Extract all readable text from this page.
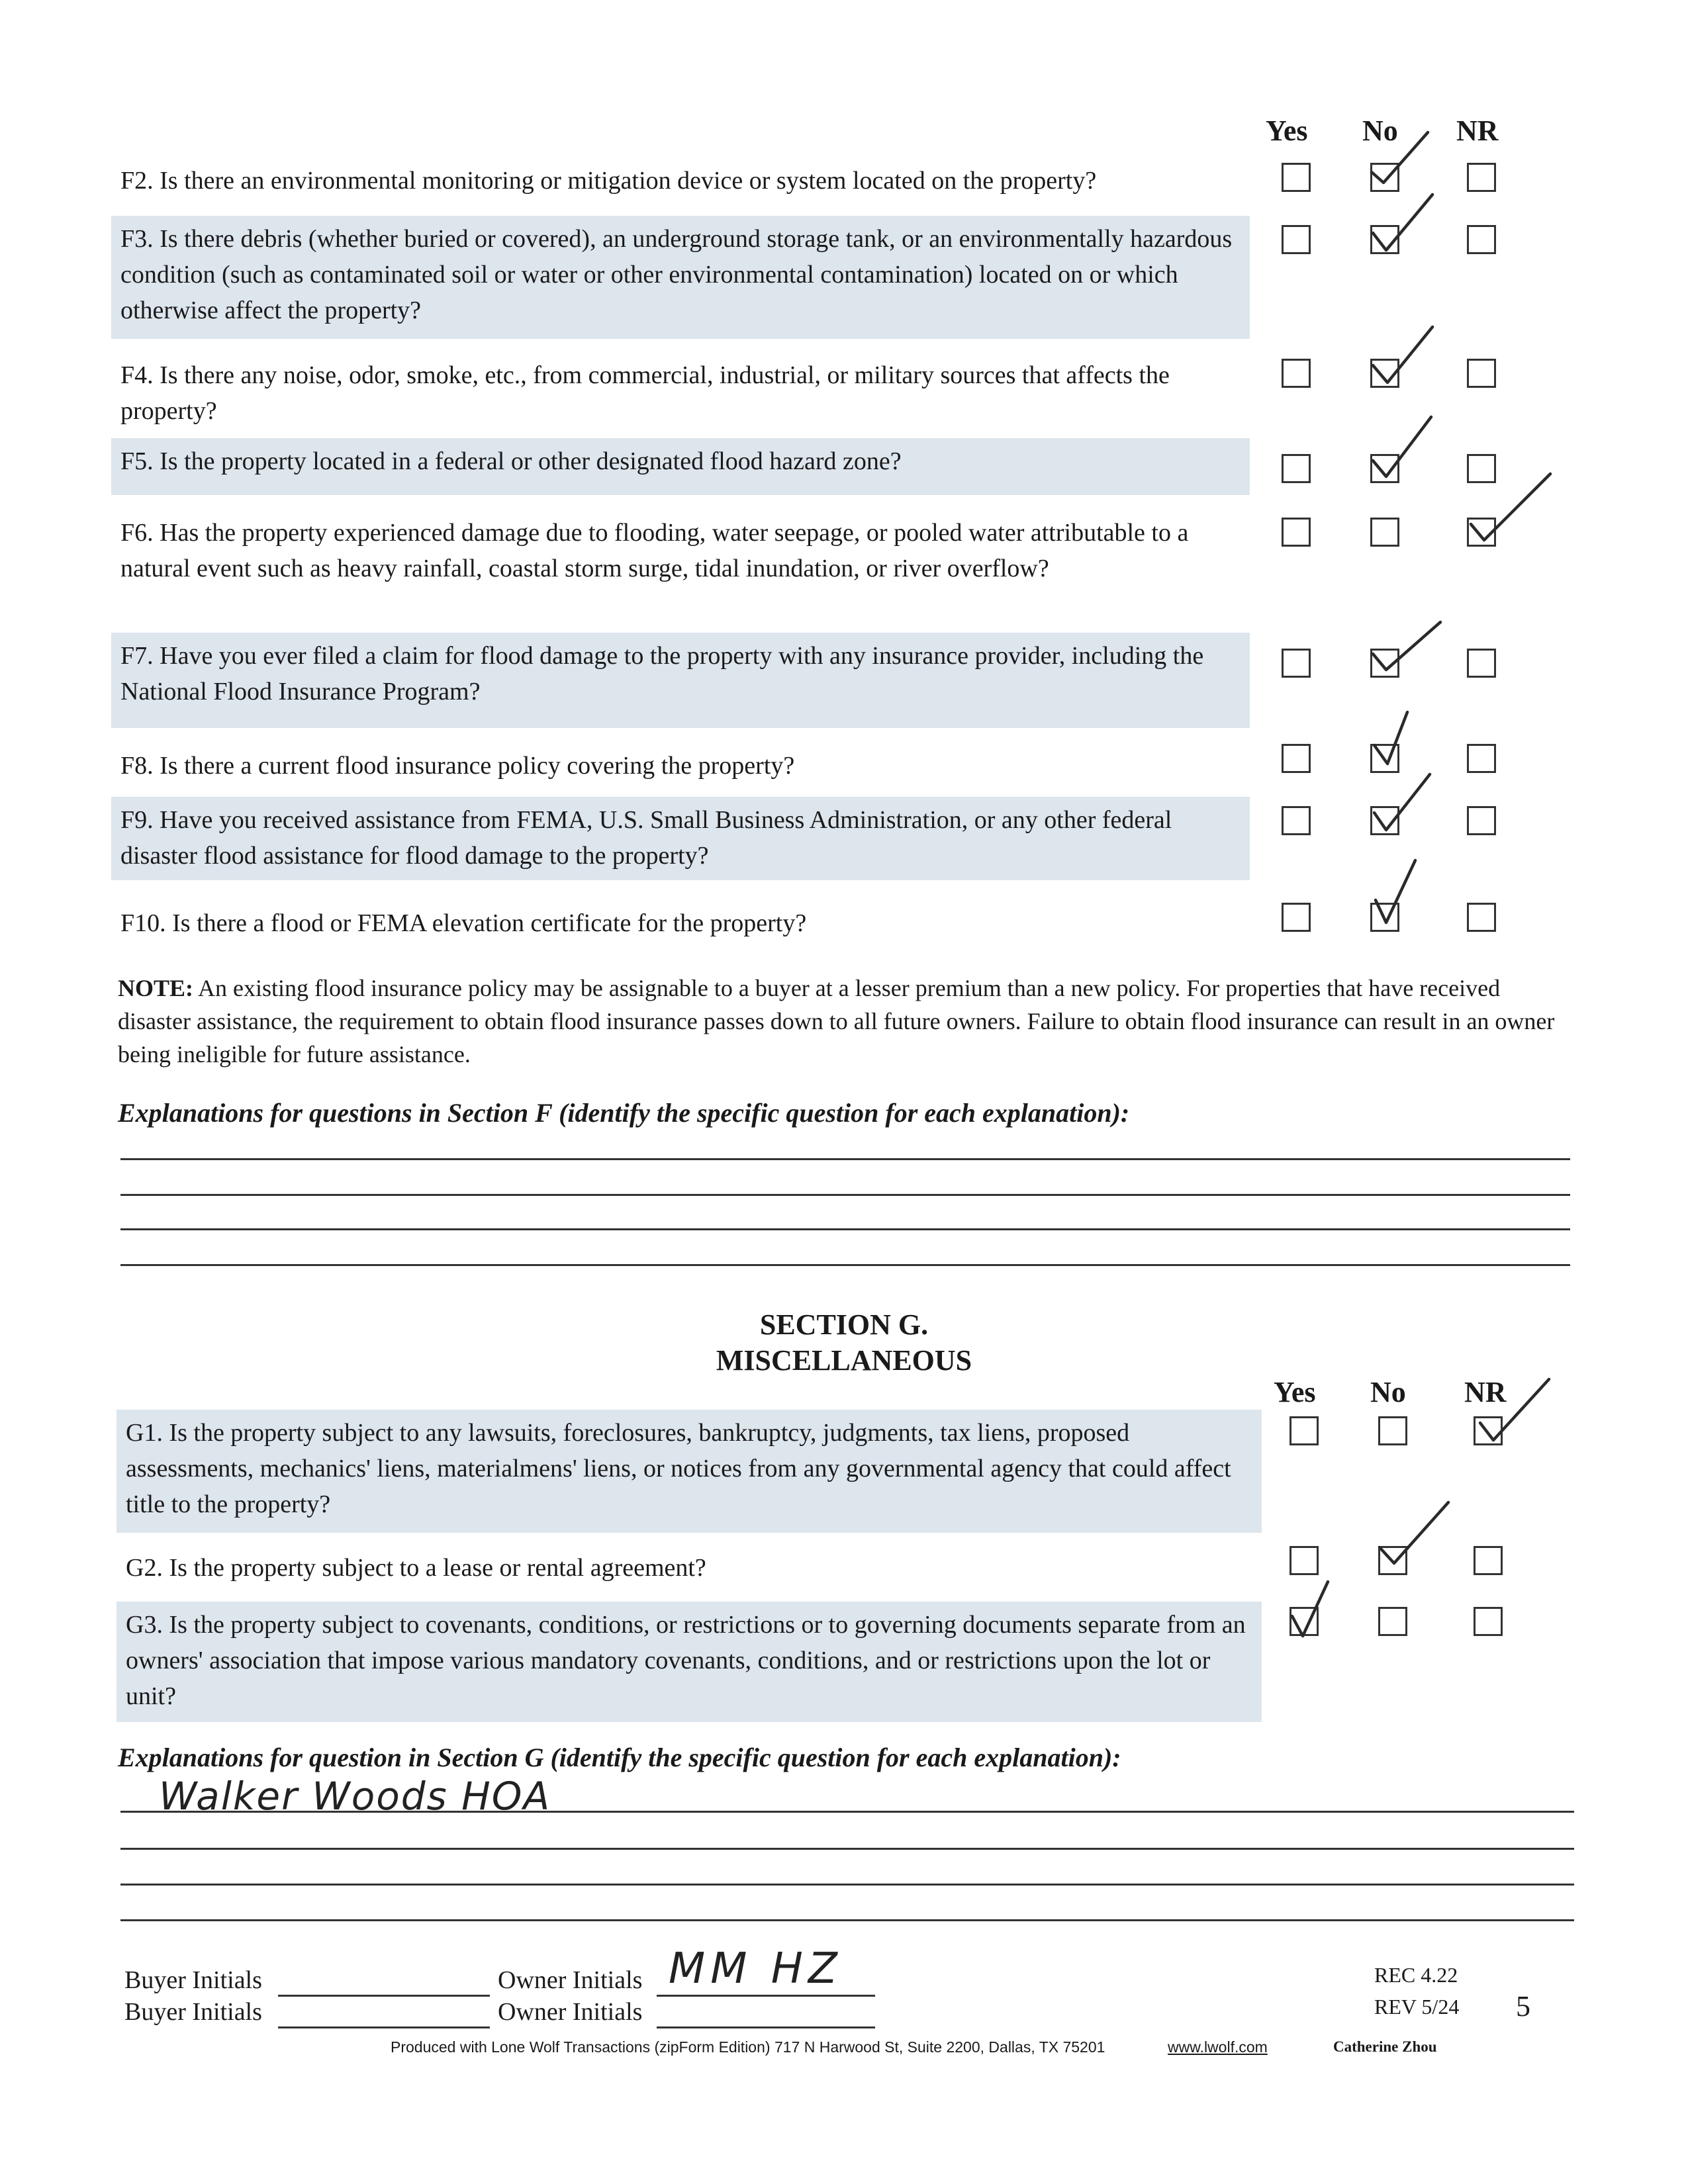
Yes No NR
F2. Is there an environmental monitoring or mitigation device or system located on the property?
F3. Is there debris (whether buried or covered), an underground storage tank, or an environmentally hazardous condition (such as contaminated soil or water or other environmental contamination) located on or which otherwise affect the property?
F4. Is there any noise, odor, smoke, etc., from commercial, industrial, or military sources that affects the property?
F5. Is the property located in a federal or other designated flood hazard zone?
F6. Has the property experienced damage due to flooding, water seepage, or pooled water attributable to a natural event such as heavy rainfall, coastal storm surge, tidal inundation, or river overflow?
F7. Have you ever filed a claim for flood damage to the property with any insurance provider, including the National Flood Insurance Program?
F8. Is there a current flood insurance policy covering the property?
F9. Have you received assistance from FEMA, U.S. Small Business Administration, or any other federal disaster flood assistance for flood damage to the property?
F10. Is there a flood or FEMA elevation certificate for the property?
NOTE: An existing flood insurance policy may be assignable to a buyer at a lesser premium than a new policy. For properties that have received disaster assistance, the requirement to obtain flood insurance passes down to all future owners. Failure to obtain flood insurance can result in an owner being ineligible for future assistance.
Explanations for questions in Section F (identify the specific question for each explanation):
SECTION G.
MISCELLANEOUS
Yes No NR
G1. Is the property subject to any lawsuits, foreclosures, bankruptcy, judgments, tax liens, proposed assessments, mechanics' liens, materialmens' liens, or notices from any governmental agency that could affect title to the property?
G2. Is the property subject to a lease or rental agreement?
G3. Is the property subject to covenants, conditions, or restrictions or to governing documents separate from an owners' association that impose various mandatory covenants, conditions, and or restrictions upon the lot or unit?
Explanations for question in Section G (identify the specific question for each explanation):
Walker Woods HOA
Buyer Initials
Buyer Initials
Owner Initials MM HZ
Owner Initials
REC 4.22
REV 5/24 5
Produced with Lone Wolf Transactions (zipForm Edition) 717 N Harwood St, Suite 2200, Dallas, TX 75201	www.lwolf.com	Catherine Zhou
